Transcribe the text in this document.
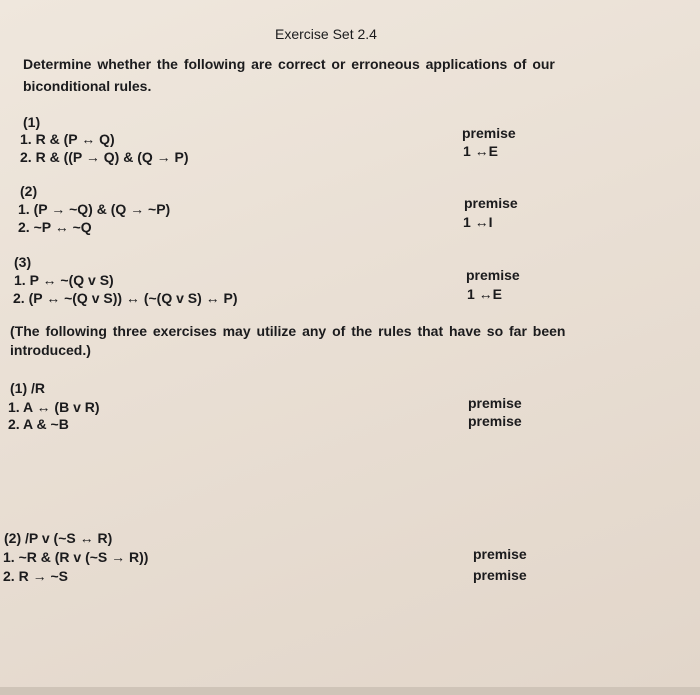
Exercise Set 2.4
Determine whether the following are correct or erroneous applications of our
biconditional rules.
(1)
1. R & (P ↔ Q)
2. R & ((P → Q) & (Q → P)
premise
1 ↔E
(2)
1. (P → ~Q) & (Q → ~P)
2. ~P ↔ ~Q
premise
1 ↔I
(3)
1. P ↔ ~(Q v S)
2. (P ↔ ~(Q v S)) ↔ (~(Q v S) ↔ P)
premise
1 ↔E
(The following three exercises may utilize any of the rules that have so far been
introduced.)
(1) /R
1. A ↔ (B v R)
2. A & ~B
premise
premise
(2) /P v (~S ↔ R)
1. ~R & (R v (~S → R))
2. R → ~S
premise
premise
